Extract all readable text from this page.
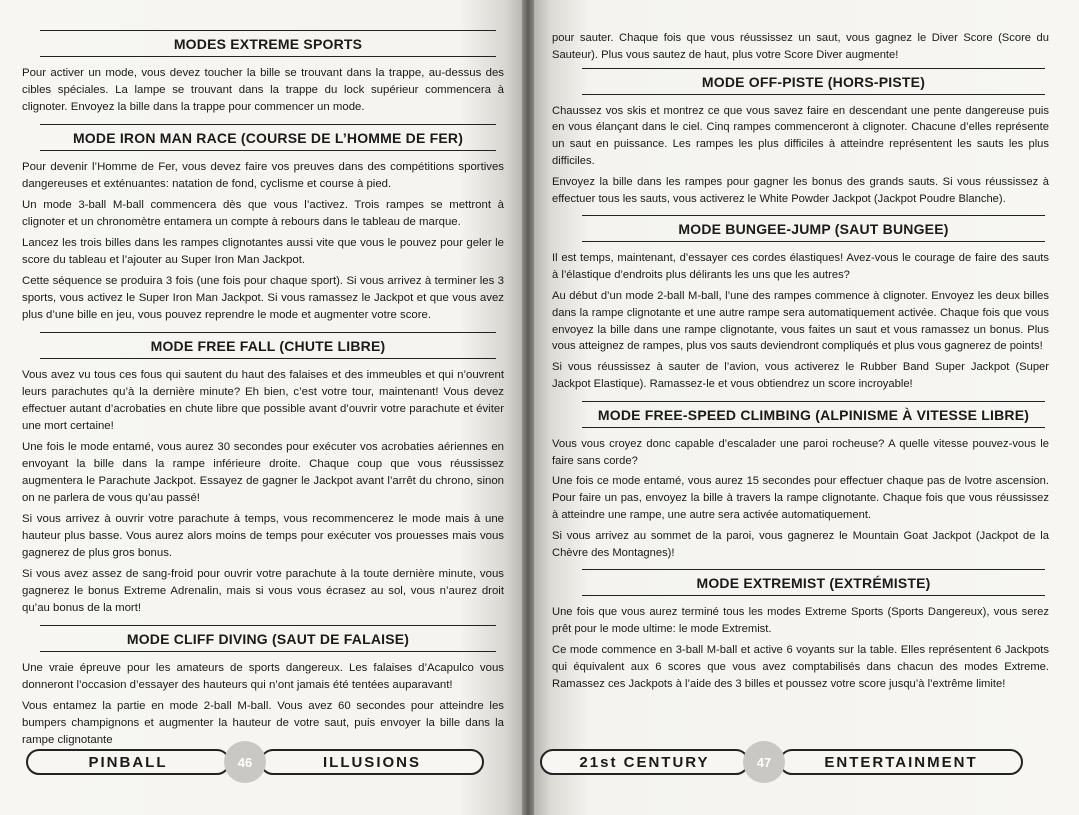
MODES EXTREME SPORTS

Pour activer un mode, vous devez toucher la bille se trouvant dans la trappe, au-dessus des cibles spéciales. La lampe se trouvant dans la trappe du lock supérieur commencera à clignoter. Envoyez la bille dans la trappe pour commencer un mode.

MODE IRON MAN RACE (COURSE DE L’HOMME DE FER)

Pour devenir l’Homme de Fer, vous devez faire vos preuves dans des compétitions sportives dangereuses et exténuantes: natation de fond, cyclisme et course à pied.

Un mode 3-ball M-ball commencera dès que vous l’activez. Trois rampes se mettront à clignoter et un chronomètre entamera un compte à rebours dans le tableau de marque.

Lancez les trois billes dans les rampes clignotantes aussi vite que vous le pouvez pour geler le score du tableau et l’ajouter au Super Iron Man Jackpot.

Cette séquence se produira 3 fois (une fois pour chaque sport). Si vous arrivez à terminer les 3 sports, vous activez le Super Iron Man Jackpot. Si vous ramassez le Jackpot et que vous avez plus d’une bille en jeu, vous pouvez reprendre le mode et augmenter votre score.

MODE FREE FALL (CHUTE LIBRE)

Vous avez vu tous ces fous qui sautent du haut des falaises et des immeubles et qui n’ouvrent leurs parachutes qu’à la dernière minute? Eh bien, c’est votre tour, maintenant! Vous devez effectuer autant d’acrobaties en chute libre que possible avant d’ouvrir votre parachute et éviter une mort certaine!

Une fois le mode entamé, vous aurez 30 secondes pour exécuter vos acrobaties aériennes en envoyant la bille dans la rampe inférieure droite. Chaque coup que vous réussissez augmentera le Parachute Jackpot. Essayez de gagner le Jackpot avant l’arrêt du chrono, sinon on ne parlera de vous qu’au passé!

Si vous arrivez à ouvrir votre parachute à temps, vous recommencerez le mode mais à une hauteur plus basse. Vous aurez alors moins de temps pour exécuter vos prouesses mais vous gagnerez de plus gros bonus.

Si vous avez assez de sang-froid pour ouvrir votre parachute à la toute dernière minute, vous gagnerez le bonus Extreme Adrenalin, mais si vous vous écrasez au sol, vous n’aurez droit qu’au bonus de la mort!

MODE CLIFF DIVING (SAUT DE FALAISE)

Une vraie épreuve pour les amateurs de sports dangereux. Les falaises d’Acapulco vous donneront l’occasion d’essayer des hauteurs qui n’ont jamais été tentées auparavant!

Vous entamez la partie en mode 2-ball M-ball. Vous avez 60 secondes pour atteindre les bumpers champignons et augmenter la hauteur de votre saut, puis envoyer la bille dans la rampe clignotante

PINBALL	46	ILLUSIONS

pour sauter. Chaque fois que vous réussissez un saut, vous gagnez le Diver Score (Score du Sauteur). Plus vous sautez de haut, plus votre Score Diver augmente!

MODE OFF-PISTE (HORS-PISTE)

Chaussez vos skis et montrez ce que vous savez faire en descendant une pente dangereuse puis en vous élançant dans le ciel. Cinq rampes commenceront à clignoter. Chacune d’elles représente un saut en puissance. Les rampes les plus difficiles à atteindre représentent les sauts les plus difficiles.

Envoyez la bille dans les rampes pour gagner les bonus des grands sauts. Si vous réussissez à effectuer tous les sauts, vous activerez le White Powder Jackpot (Jackpot Poudre Blanche).

MODE BUNGEE-JUMP (SAUT BUNGEE)

Il est temps, maintenant, d’essayer ces cordes élastiques! Avez-vous le courage de faire des sauts à l’élastique d’endroits plus délirants les uns que les autres?

Au début d’un mode 2-ball M-ball, l’une des rampes commence à clignoter. Envoyez les deux billes dans la rampe clignotante et une autre rampe sera automatiquement activée. Chaque fois que vous envoyez la bille dans une rampe clignotante, vous faites un saut et vous ramassez un bonus. Plus vous atteignez de rampes, plus vos sauts deviendront compliqués et plus vous gagnerez de points!

Si vous réussissez à sauter de l’avion, vous activerez le Rubber Band Super Jackpot (Super Jackpot Elastique). Ramassez-le et vous obtiendrez un score incroyable!

MODE FREE-SPEED CLIMBING (ALPINISME À VITESSE LIBRE)

Vous vous croyez donc capable d’escalader une paroi rocheuse? A quelle vitesse pouvez-vous le faire sans corde?

Une fois ce mode entamé, vous aurez 15 secondes pour effectuer chaque pas de lvotre ascension. Pour faire un pas, envoyez la bille à travers la rampe clignotante. Chaque fois que vous réussissez à atteindre une rampe, une autre sera activée automatiquement.

Si vous arrivez au sommet de la paroi, vous gagnerez le Mountain Goat Jackpot (Jackpot de la Chèvre des Montagnes)!

MODE EXTREMIST (EXTRÉMISTE)

Une fois que vous aurez terminé tous les modes Extreme Sports (Sports Dangereux), vous serez prêt pour le mode ultime: le mode Extremist.

Ce mode commence en 3-ball M-ball et active 6 voyants sur la table. Elles représentent 6 Jackpots qui équivalent aux 6 scores que vous avez comptabilisés dans chacun des modes Extreme. Ramassez ces Jackpots à l’aide des 3 billes et poussez votre score jusqu’à l’extrême limite!

21st CENTURY	47	ENTERTAINMENT
